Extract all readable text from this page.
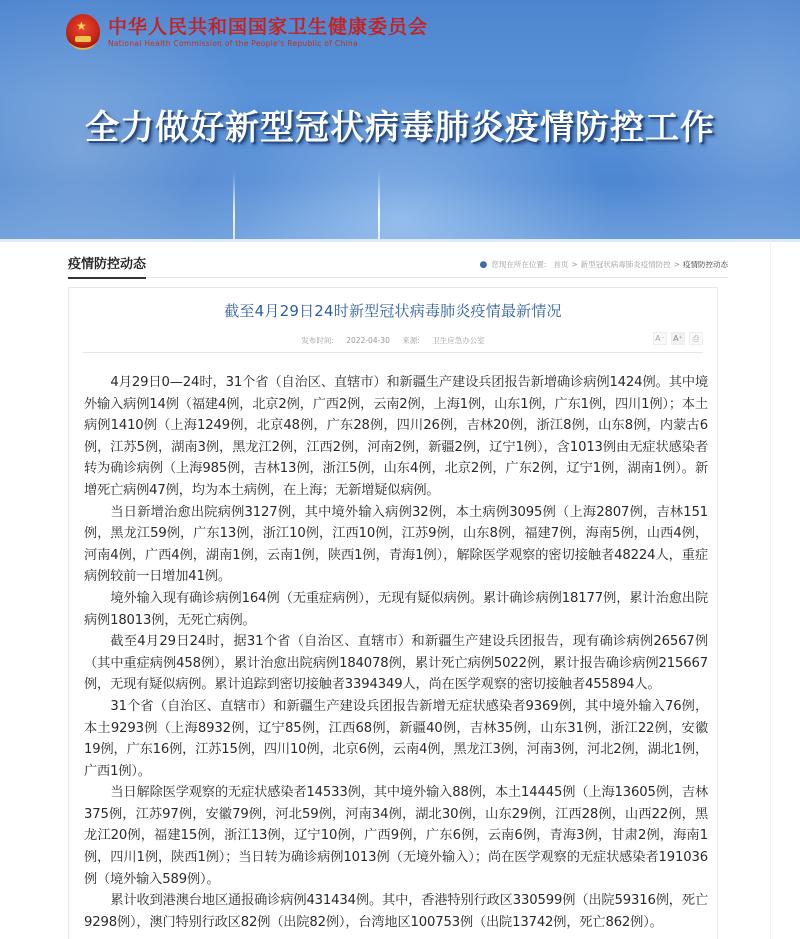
★
中华人民共和国国家卫生健康委员会
National Health Commission of the People's Republic of China
全力做好新型冠状病毒肺炎疫情防控工作
疫情防控动态	● 您现在所在位置: 首页 > 新型冠状病毒肺炎疫情防控 > 疫情防控动态
截至4月29日24时新型冠状病毒肺炎疫情最新情况
发布时间: 2022-04-30 来源: 卫生应急办公室	A⁻ A⁺	⎙

4月29日0—24时，31个省（自治区、直辖市）和新疆生产建设兵团报告新增确诊病例1424例。其中境外输入病例14例（福建4例，北京2例，广西2例，云南2例，上海1例，山东1例，广东1例，四川1例）；本土病例1410例（上海1249例，北京48例，广东28例，四川26例，吉林20例，浙江8例，山东8例，内蒙古6例，江苏5例，湖南3例，黑龙江2例，江西2例，河南2例，新疆2例，辽宁1例），含1013例由无症状感染者转为确诊病例（上海985例，吉林13例，浙江5例，山东4例，北京2例，广东2例，辽宁1例，湖南1例）。新增死亡病例47例，均为本土病例，在上海；无新增疑似病例。

当日新增治愈出院病例3127例，其中境外输入病例32例，本土病例3095例（上海2807例，吉林151例，黑龙江59例，广东13例，浙江10例，江西10例，江苏9例，山东8例，福建7例，海南5例，山西4例，河南4例，广西4例，湖南1例，云南1例，陕西1例，青海1例），解除医学观察的密切接触者48224人，重症病例较前一日增加41例。

境外输入现有确诊病例164例（无重症病例），无现有疑似病例。累计确诊病例18177例，累计治愈出院病例18013例，无死亡病例。

截至4月29日24时，据31个省（自治区、直辖市）和新疆生产建设兵团报告，现有确诊病例26567例（其中重症病例458例），累计治愈出院病例184078例，累计死亡病例5022例，累计报告确诊病例215667例，无现有疑似病例。累计追踪到密切接触者3394349人，尚在医学观察的密切接触者455894人。

31个省（自治区、直辖市）和新疆生产建设兵团报告新增无症状感染者9369例，其中境外输入76例，本土9293例（上海8932例，辽宁85例，江西68例，新疆40例，吉林35例，山东31例，浙江22例，安徽19例，广东16例，江苏15例，四川10例，北京6例，云南4例，黑龙江3例，河南3例，河北2例，湖北1例，广西1例）。

当日解除医学观察的无症状感染者14533例，其中境外输入88例，本土14445例（上海13605例，吉林375例，江苏97例，安徽79例，河北59例，河南34例，湖北30例，山东29例，江西28例，山西22例，黑龙江20例，福建15例，浙江13例，辽宁10例，广西9例，广东6例，云南6例，青海3例，甘肃2例，海南1例，四川1例，陕西1例）；当日转为确诊病例1013例（无境外输入）；尚在医学观察的无症状感染者191036例（境外输入589例）。

累计收到港澳台地区通报确诊病例431434例。其中，香港特别行政区330599例（出院59316例，死亡9298例），澳门特别行政区82例（出院82例），台湾地区100753例（出院13742例，死亡862例）。
